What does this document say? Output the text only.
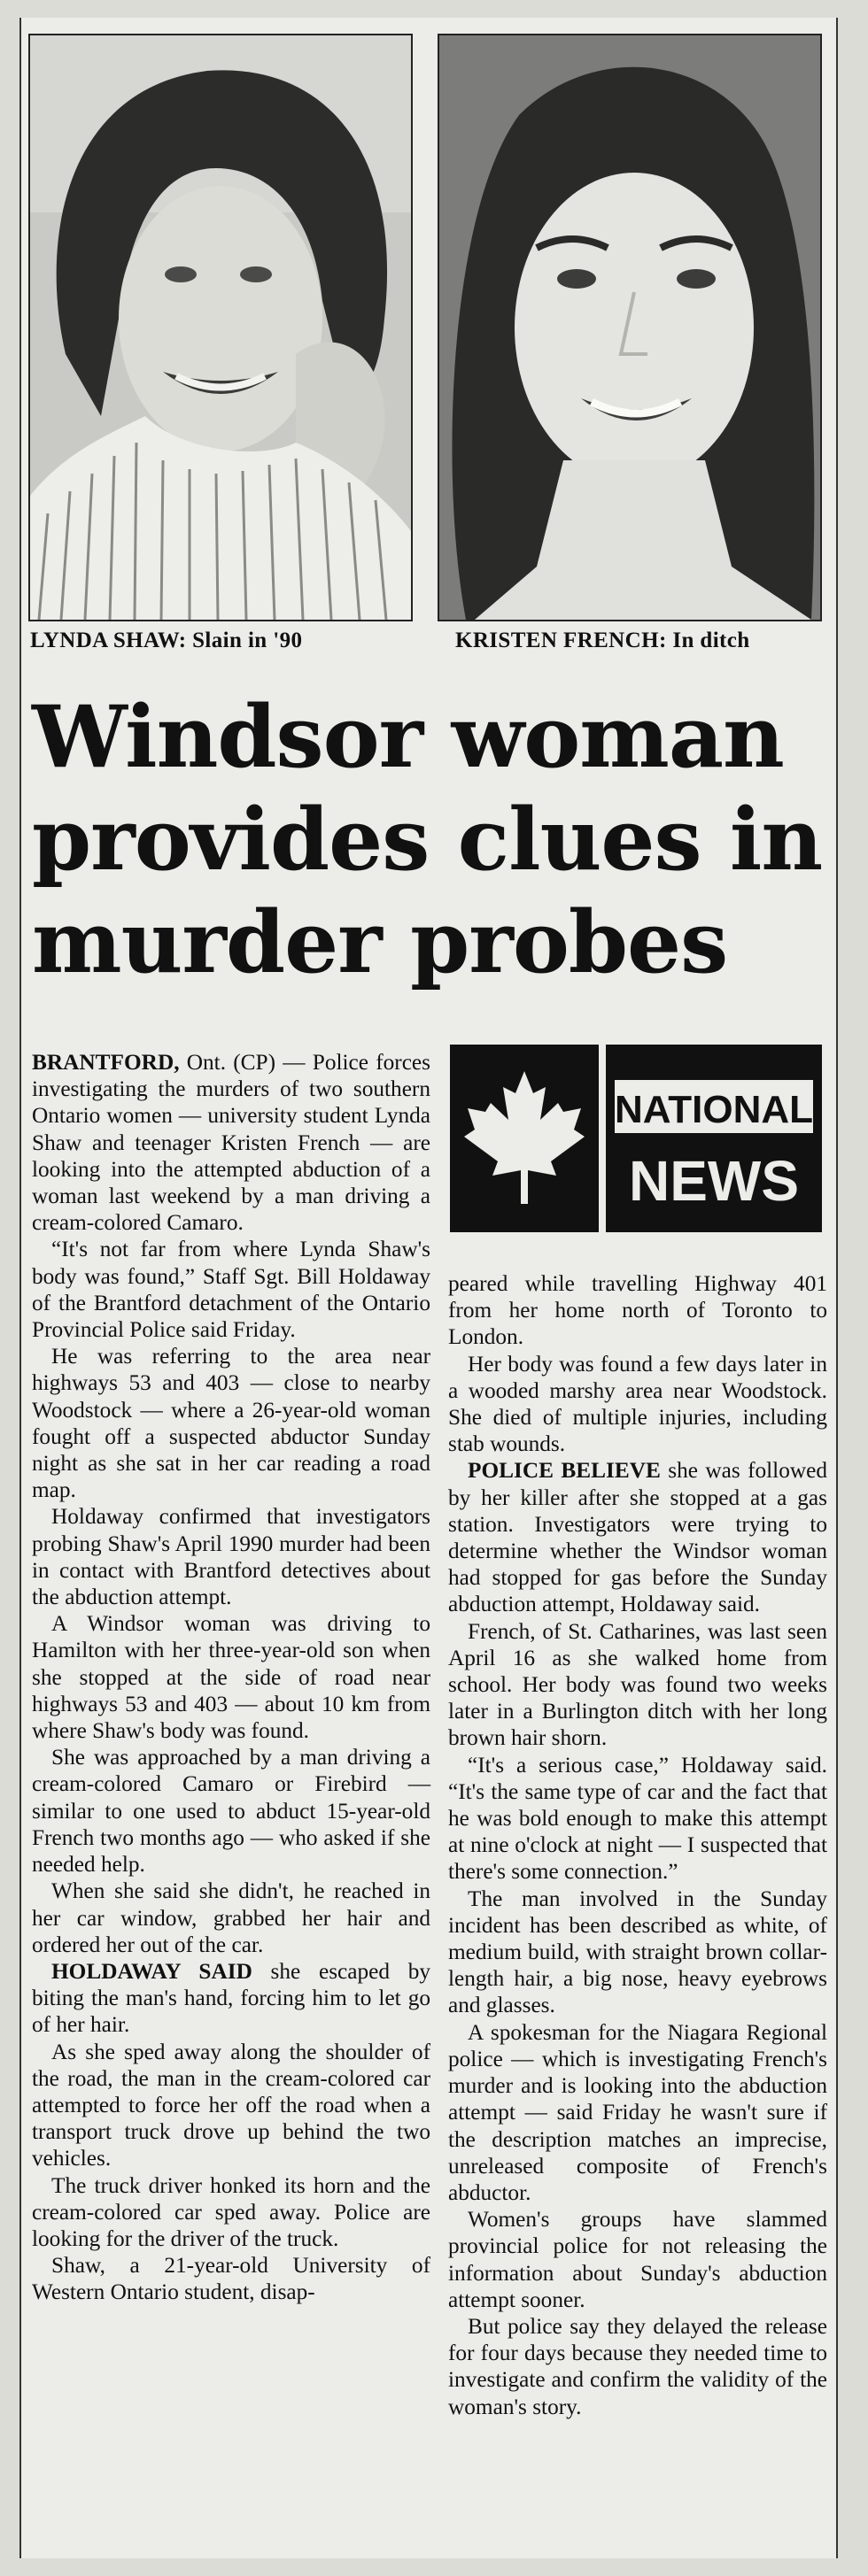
LYNDA SHAW: Slain in '90	KRISTEN FRENCH: In ditch
Windsor woman provides clues in murder probes
NATIONAL
NEWS

BRANTFORD, Ont. (CP) — Police forces investigating the murders of two southern Ontario women — university student Lynda Shaw and teenager Kristen French — are looking into the attempted abduction of a woman last weekend by a man driving a cream-colored Camaro.

“It's not far from where Lynda Shaw's body was found,” Staff Sgt. Bill Holdaway of the Brantford detachment of the Ontario Provincial Police said Friday.

He was referring to the area near highways 53 and 403 — close to nearby Woodstock — where a 26-year-old woman fought off a suspected abductor Sunday night as she sat in her car reading a road map.

Holdaway confirmed that investigators probing Shaw's April 1990 murder had been in contact with Brantford detectives about the abduction attempt.

A Windsor woman was driving to Hamilton with her three-year-old son when she stopped at the side of road near highways 53 and 403 — about 10 km from where Shaw's body was found.

She was approached by a man driving a cream-colored Camaro or Firebird — similar to one used to abduct 15-year-old French two months ago — who asked if she needed help.

When she said she didn't, he reached in her car window, grabbed her hair and ordered her out of the car.

HOLDAWAY SAID she escaped by biting the man's hand, forcing him to let go of her hair.

As she sped away along the shoulder of the road, the man in the cream-colored car attempted to force her off the road when a transport truck drove up behind the two vehicles.

The truck driver honked its horn and the cream-colored car sped away. Police are looking for the driver of the truck.

Shaw, a 21-year-old University of Western Ontario student, disap-

peared while travelling Highway 401 from her home north of Toronto to London.

Her body was found a few days later in a wooded marshy area near Woodstock. She died of multiple injuries, including stab wounds.

POLICE BELIEVE she was followed by her killer after she stopped at a gas station. Investigators were trying to determine whether the Windsor woman had stopped for gas before the Sunday abduction attempt, Holdaway said.

French, of St. Catharines, was last seen April 16 as she walked home from school. Her body was found two weeks later in a Burlington ditch with her long brown hair shorn.

“It's a serious case,” Holdaway said. “It's the same type of car and the fact that he was bold enough to make this attempt at nine o'clock at night — I suspected that there's some connection.”

The man involved in the Sunday incident has been described as white, of medium build, with straight brown collar-length hair, a big nose, heavy eyebrows and glasses.

A spokesman for the Niagara Regional police — which is investigating French's murder and is looking into the abduction attempt — said Friday he wasn't sure if the description matches an imprecise, unreleased composite of French's abductor.

Women's groups have slammed provincial police for not releasing the information about Sunday's abduction attempt sooner.

But police say they delayed the release for four days because they needed time to investigate and confirm the validity of the woman's story.
